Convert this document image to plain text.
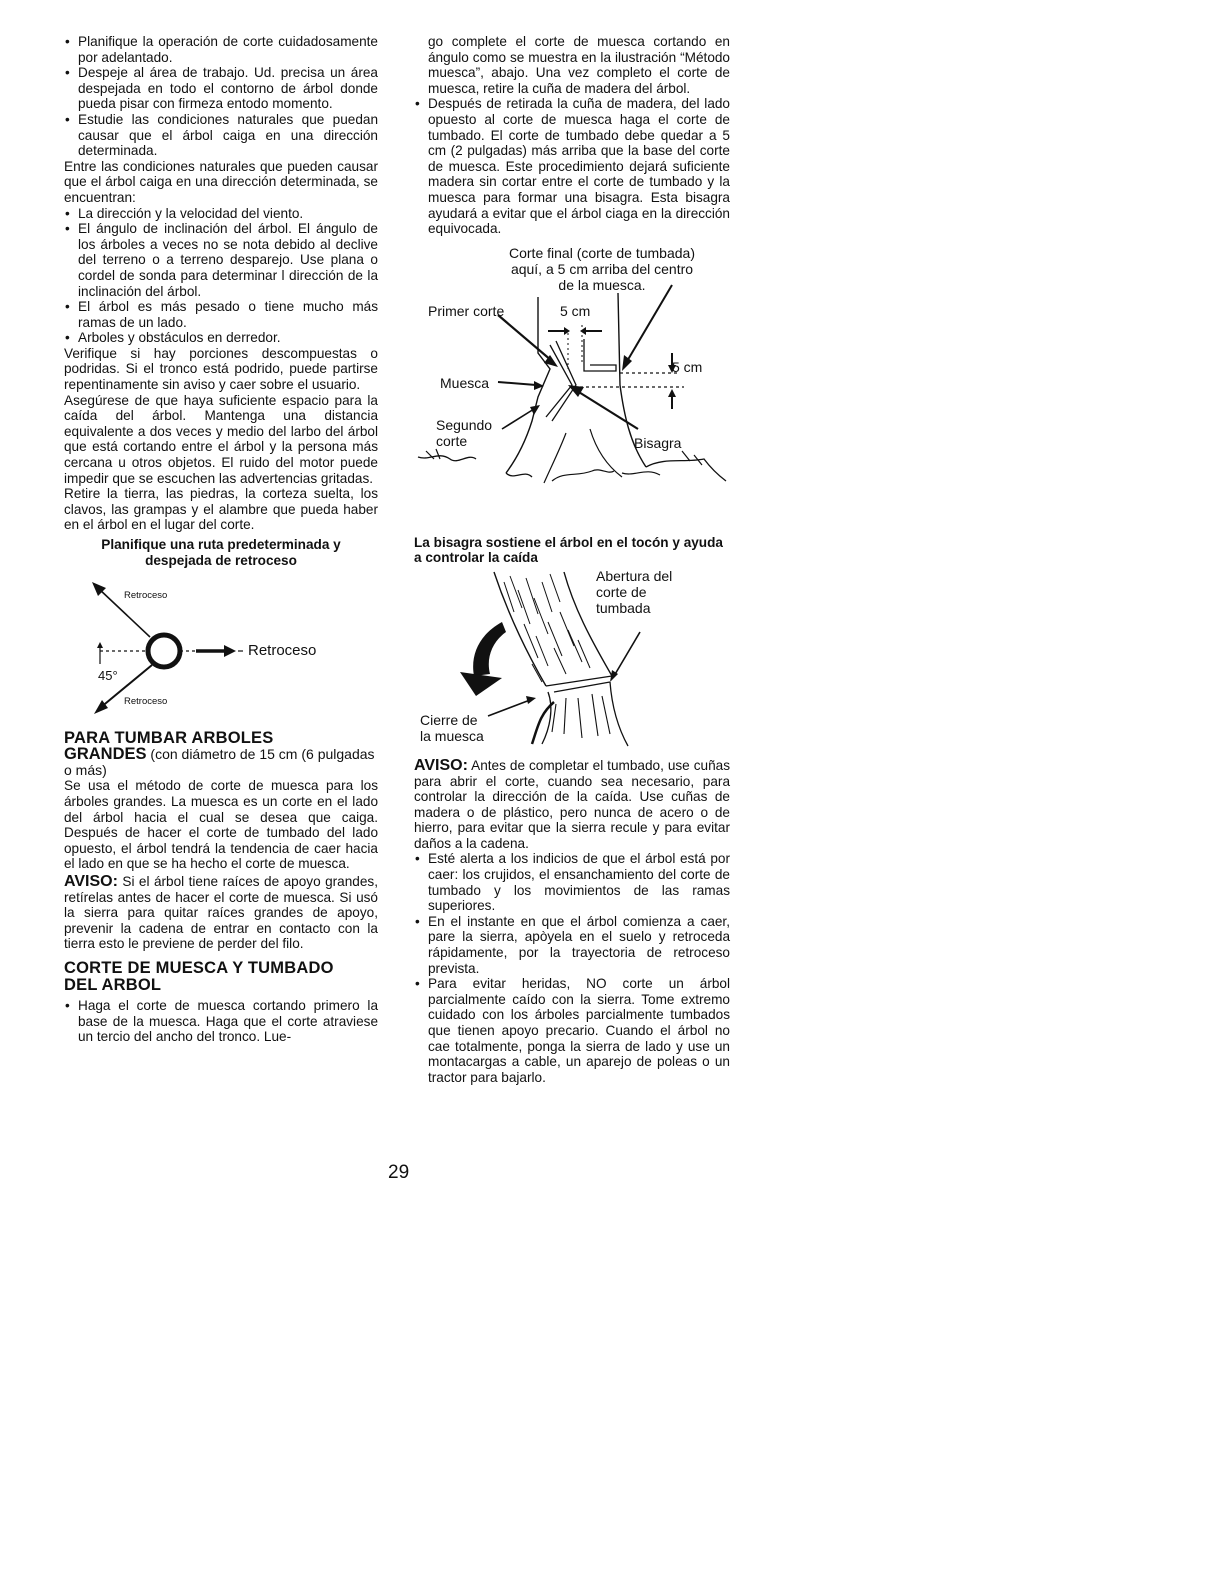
• Planifique la operación de corte cuidadosamente por adelantado.
• Despeje al área de trabajo. Ud. precisa un área despejada en todo el contorno de árbol donde pueda pisar con firmeza entodo momento.
• Estudie las condiciones naturales que puedan causar que el árbol caiga en una dirección determinada.

Entre las condiciones naturales que pueden causar que el árbol caiga en una dirección determinada, se encuentran:

• La dirección y la velocidad del viento.
• El ángulo de inclinación del árbol. El ángulo de los árboles a veces no se nota debido al declive del terreno o a terreno desparejo. Use plana o cordel de sonda para determinar l dirección de la inclinación del árbol.
• El árbol es más pesado o tiene mucho más ramas de un lado.
• Arboles y obstáculos en derredor.

Verifique si hay porciones descompuestas o podridas. Si el tronco está podrido, puede partirse repentinamente sin aviso y caer sobre el usuario.

Asegúrese de que haya suficiente espacio para la caída del árbol. Mantenga una distancia equivalente a dos veces y medio del larbo del árbol que está cortando entre el árbol y la persona más cercana u otros objetos. El ruido del motor puede impedir que se escuchen las advertencias gritadas.

Retire la tierra, las piedras, la corteza suelta, los clavos, las grampas y el alambre que pueda haber en el árbol en el lugar del corte.

Planifique una ruta predeterminada y despejada de retroceso
Retroceso
Retroceso
45°
Retroceso
PARA TUMBAR ARBOLES

GRANDES (con diámetro de 15 cm (6 pulgadas o más)

Se usa el método de corte de muesca para los árboles grandes. La muesca es un corte en el lado del árbol hacia el cual se desea que caiga. Después de hacer el corte de tumbado del lado opuesto, el árbol tendrá la tendencia de caer hacia el lado en que se ha hecho el corte de muesca.

AVISO: Si el árbol tiene raíces de apoyo grandes, retírelas antes de hacer el corte de muesca. Si usó la sierra para quitar raíces grandes de apoyo, prevenir la cadena de entrar en contacto con la tierra esto le previene de perder del filo.

CORTE DE MUESCA Y TUMBADO DEL ARBOL
• Haga el corte de muesca cortando primero la base de la muesca. Haga que el corte atraviese un tercio del ancho del tronco. Lue-

go complete el corte de muesca cortando en ángulo como se muestra en la ilustración “Método muesca”, abajo. Una vez completo el corte de muesca, retire la cuña de madera del árbol.

• Después de retirada la cuña de madera, del lado opuesto al corte de muesca haga el corte de tumbado. El corte de tumbado debe quedar a 5 cm (2 pulgadas) más arriba que la base del corte de muesca. Este procedimiento dejará suficiente madera sin cortar entre el corte de tumbado y la muesca para formar una bisagra. Esta bisagra ayudará a evitar que el árbol ciaga en la dirección equivocada.
Corte final (corte de tumbada)
aquí, a 5 cm arriba del centro
de la muesca.
Primer corte	5 cm
5 cm
Muesca
Segundo
corte	Bisagra
La bisagra sostiene el árbol en el tocón y ayuda a controlar la caída
Abertura del
corte de
tumbada
Cierre de
la muesca

AVISO: Antes de completar el tumbado, use cuñas para abrir el corte, cuando sea necesario, para controlar la dirección de la caída. Use cuñas de madera o de plástico, pero nunca de acero o de hierro, para evitar que la sierra recule y para evitar daños a la cadena.

• Esté alerta a los indicios de que el árbol está por caer: los crujidos, el ensanchamiento del corte de tumbado y los movimientos de las ramas superiores.
• En el instante en que el árbol comienza a caer, pare la sierra, apòyela en el suelo y retroceda rápidamente, por la trayectoria de retroceso prevista.
• Para evitar heridas, NO corte un árbol parcialmente caído con la sierra. Tome extremo cuidado con los árboles parcialmente tumbados que tienen apoyo precario. Cuando el árbol no cae totalmente, ponga la sierra de lado y use un montacargas a cable, un aparejo de poleas o un tractor para bajarlo.
29
